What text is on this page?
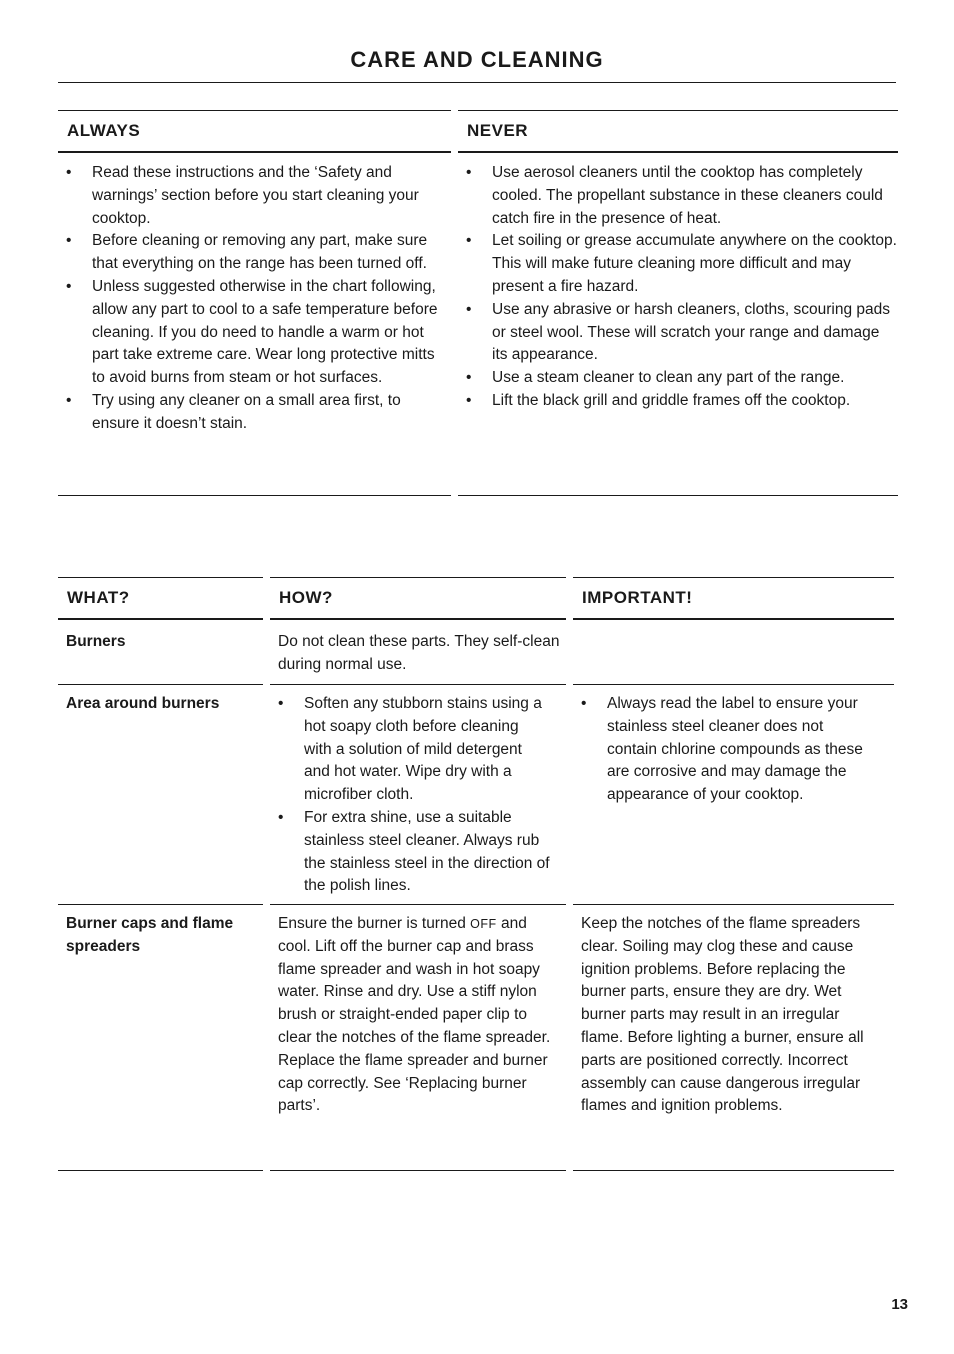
CARE AND CLEANING
ALWAYS
• Read these instructions and the ‘Safety and warnings’ section before you start cleaning your cooktop.
• Before cleaning or removing any part, make sure that everything on the range has been turned off.
• Unless suggested otherwise in the chart following, allow any part to cool to a safe temperature before cleaning. If you do need to handle a warm or hot part take extreme care. Wear long protective mitts to avoid burns from steam or hot surfaces.
• Try using any cleaner on a small area first, to ensure it doesn’t stain.
NEVER
• Use aerosol cleaners until the cooktop has completely cooled. The propellant substance in these cleaners could catch fire in the presence of heat.
• Let soiling or grease accumulate anywhere on the cooktop. This will make future cleaning more difficult and may present a fire hazard.
• Use any abrasive or harsh cleaners, cloths, scouring pads or steel wool. These will scratch your range and damage its appearance.
• Use a steam cleaner to clean any part of the range.
• Lift the black grill and griddle frames off the cooktop.
WHAT?	HOW?	IMPORTANT!
Burners	Do not clean these parts. They self-clean during normal use.
Area around burners
•	Soften any stubborn stains using a hot soapy cloth before cleaning with a solution of mild detergent and hot water. Wipe dry with a microfiber cloth.
• For extra shine, use a suitable stainless steel cleaner. Always rub the stainless steel in the direction of the polish lines.
• Always read the label to ensure your stainless steel cleaner does not contain chlorine compounds as these are corrosive and may damage the appearance of your cooktop.
Burner caps and flame spreaders
Ensure the burner is turned OFF and cool. Lift off the burner cap and brass flame spreader and wash in hot soapy water. Rinse and dry. Use a stiff nylon brush or straight-ended paper clip to clear the notches of the flame spreader. Replace the flame spreader and burner cap correctly. See ‘Replacing burner parts’.
Keep the notches of the flame spreaders clear. Soiling may clog these and cause ignition problems. Before replacing the burner parts, ensure they are dry. Wet burner parts may result in an irregular flame. Before lighting a burner, ensure all parts are positioned correctly. Incorrect assembly can cause dangerous irregular flames and ignition problems.
13
